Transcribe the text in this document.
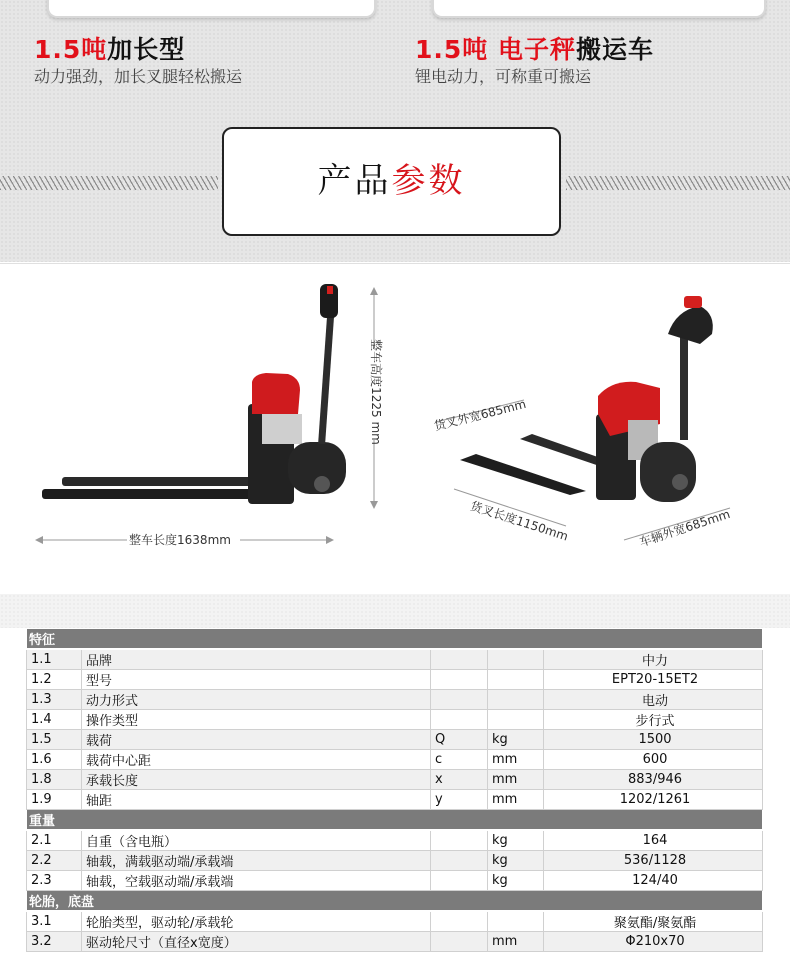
1.5吨加长型
动力强劲，加长叉腿轻松搬运
1.5吨 电子秤搬运车
锂电动力，可称重可搬运
产品参数
整车长度1638mm
整车高度1225 mm	货叉外宽685mm
货叉长度1150mm	车辆外宽685mm
特征				
1.1	品牌			中力
1.2	型号			EPT20-15ET2
1.3	动力形式			电动
1.4	操作类型			步行式
1.5	载荷	Q	kg	1500
1.6	载荷中心距	c	mm	600
1.8	承载长度	x	mm	883/946
1.9	轴距	y	mm	1202/1261
重量				
2.1	自重（含电瓶）		kg	164
2.2	轴载，满载驱动端/承载端		kg	536/1128
2.3	轴载，空载驱动端/承载端		kg	124/40
轮胎，底盘				
3.1	轮胎类型，驱动轮/承载轮			聚氨酯/聚氨酯
3.2	驱动轮尺寸（直径x宽度）		mm	Φ210x70
